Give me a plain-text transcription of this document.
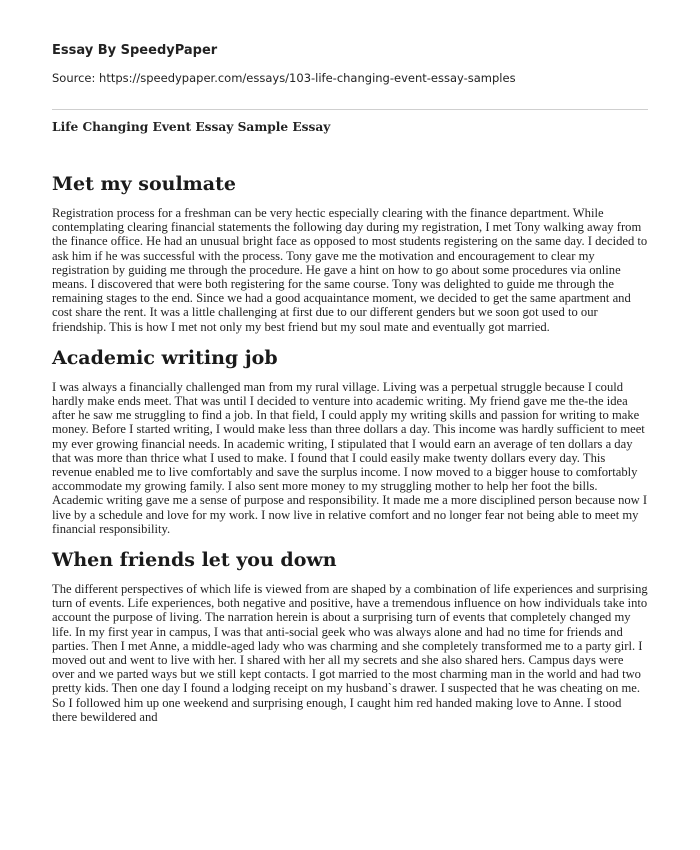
Essay By SpeedyPaper
Source: https://speedypaper.com/essays/103-life-changing-event-essay-samples
Life Changing Event Essay Sample Essay
Met my soulmate

Registration process for a freshman can be very hectic especially clearing with the finance department. While contemplating clearing financial statements the following day during my registration, I met Tony walking away from the finance office. He had an unusual bright face as opposed to most students registering on the same day. I decided to ask him if he was successful with the process. Tony gave me the motivation and encouragement to clear my registration by guiding me through the procedure. He gave a hint on how to go about some procedures via online means. I discovered that were both registering for the same course. Tony was delighted to guide me through the remaining stages to the end. Since we had a good acquaintance moment, we decided to get the same apartment and cost share the rent. It was a little challenging at first due to our different genders but we soon got used to our friendship. This is how I met not only my best friend but my soul mate and eventually got married.

Academic writing job

I was always a financially challenged man from my rural village. Living was a perpetual struggle because I could hardly make ends meet. That was until I decided to venture into academic writing. My friend gave me the-the idea after he saw me struggling to find a job. In that field, I could apply my writing skills and passion for writing to make money. Before I started writing, I would make less than three dollars a day. This income was hardly sufficient to meet my ever growing financial needs. In academic writing, I stipulated that I would earn an average of ten dollars a day that was more than thrice what I used to make. I found that I could easily make twenty dollars every day. This revenue enabled me to live comfortably and save the surplus income. I now moved to a bigger house to comfortably accommodate my growing family. I also sent more money to my struggling mother to help her foot the bills. Academic writing gave me a sense of purpose and responsibility. It made me a more disciplined person because now I live by a schedule and love for my work. I now live in relative comfort and no longer fear not being able to meet my financial responsibility.

When friends let you down

The different perspectives of which life is viewed from are shaped by a combination of life experiences and surprising turn of events. Life experiences, both negative and positive, have a tremendous influence on how individuals take into account the purpose of living. The narration herein is about a surprising turn of events that completely changed my life. In my first year in campus, I was that anti-social geek who was always alone and had no time for friends and parties. Then I met Anne, a middle-aged lady who was charming and she completely transformed me to a party girl. I moved out and went to live with her. I shared with her all my secrets and she also shared hers. Campus days were over and we parted ways but we still kept contacts. I got married to the most charming man in the world and had two pretty kids. Then one day I found a lodging receipt on my husband`s drawer. I suspected that he was cheating on me. So I followed him up one weekend and surprising enough, I caught him red handed making love to Anne. I stood there bewildered and
